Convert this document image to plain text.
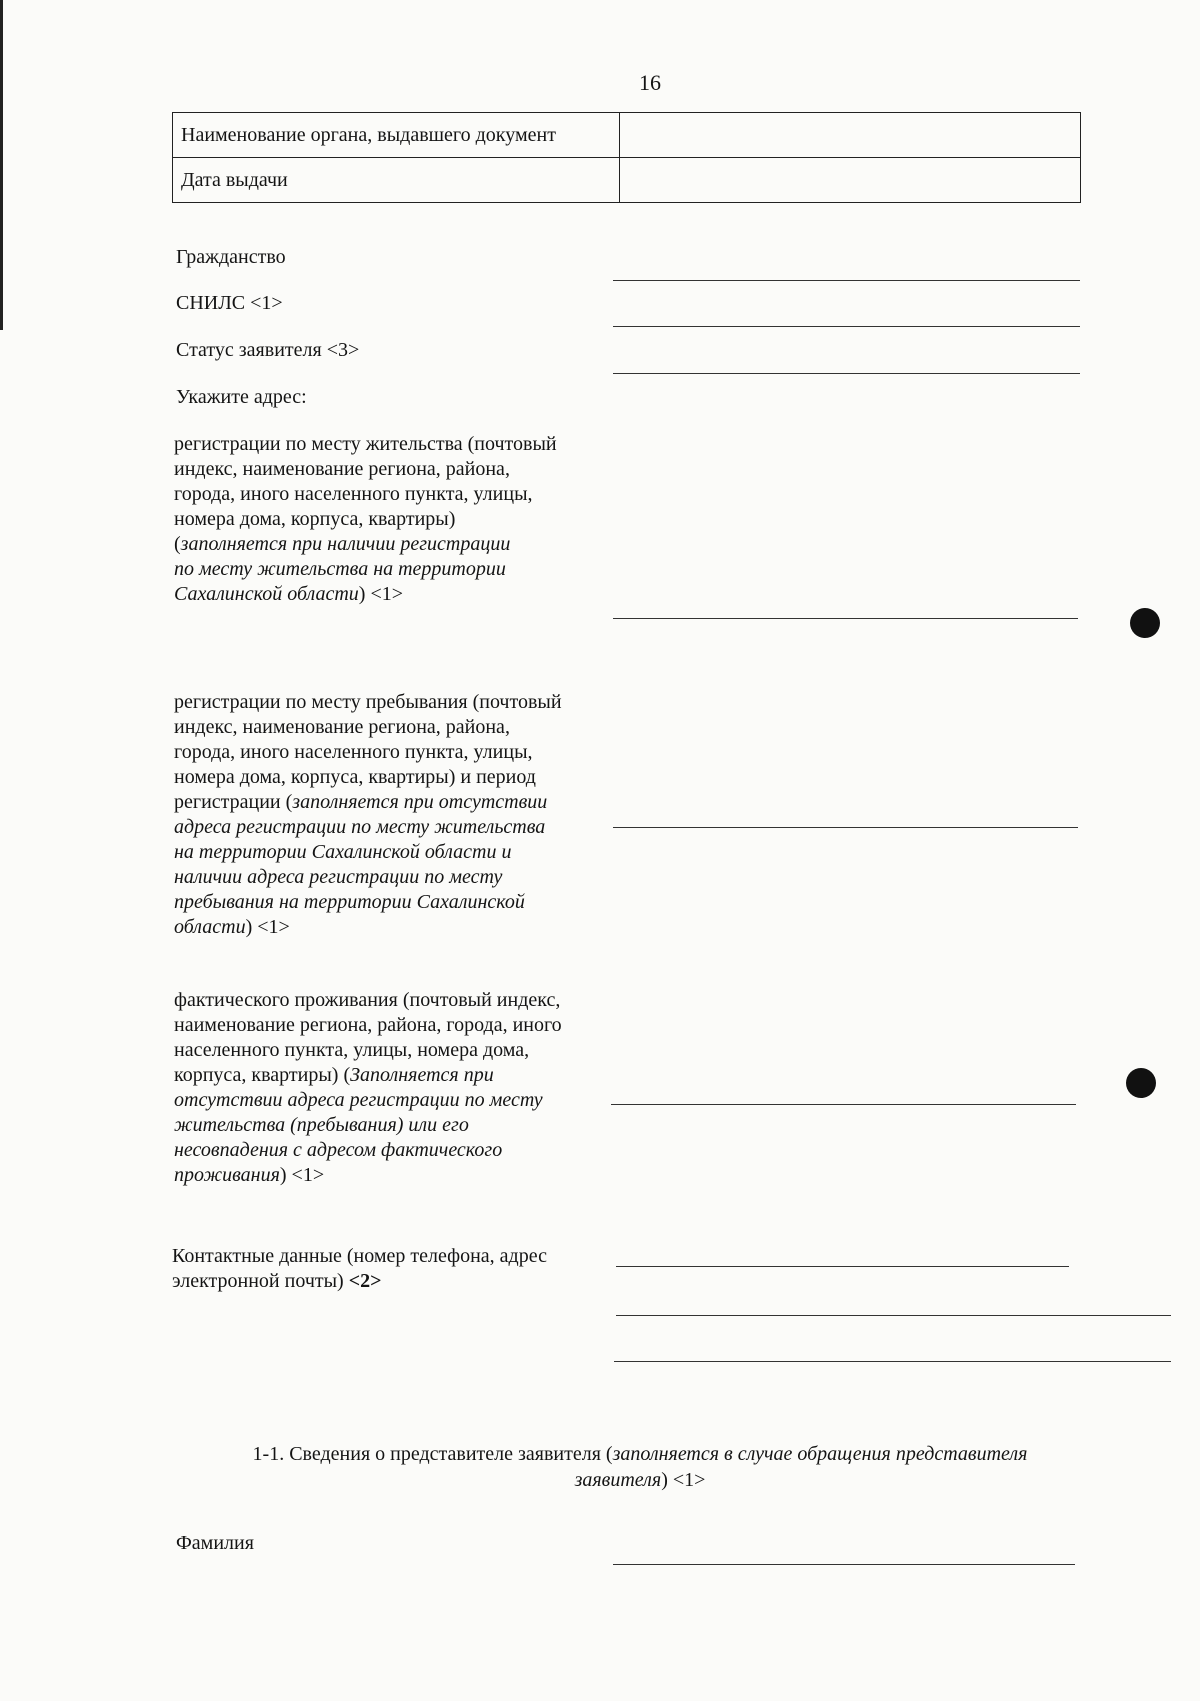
16
Наименование органа, выдавшего документ	
Дата выдачи	
Гражданство
СНИЛС <1>
Статус заявителя <3>
Укажите адрес:
регистрации по месту жительства (почтовый
индекс, наименование региона, района,
города, иного населенного пункта, улицы,
номера дома, корпуса, квартиры)
(заполняется при наличии регистрации
по месту жительства на территории
Сахалинской области) <1>
регистрации по месту пребывания (почтовый
индекс, наименование региона, района,
города, иного населенного пункта, улицы,
номера дома, корпуса, квартиры) и период
регистрации (заполняется при отсутствии
адреса регистрации по месту жительства
на территории Сахалинской области и
наличии адреса регистрации по месту
пребывания на территории Сахалинской
области) <1>
фактического проживания (почтовый индекс,
наименование региона, района, города, иного
населенного пункта, улицы, номера дома,
корпуса, квартиры) (Заполняется при
отсутствии адреса регистрации по месту
жительства (пребывания) или его
несовпадения с адресом фактического
проживания) <1>
Контактные данные (номер телефона, адрес
электронной почты) <2>
1-1. Сведения о представителе заявителя (заполняется в случае обращения представителя
заявителя) <1>
Фамилия
